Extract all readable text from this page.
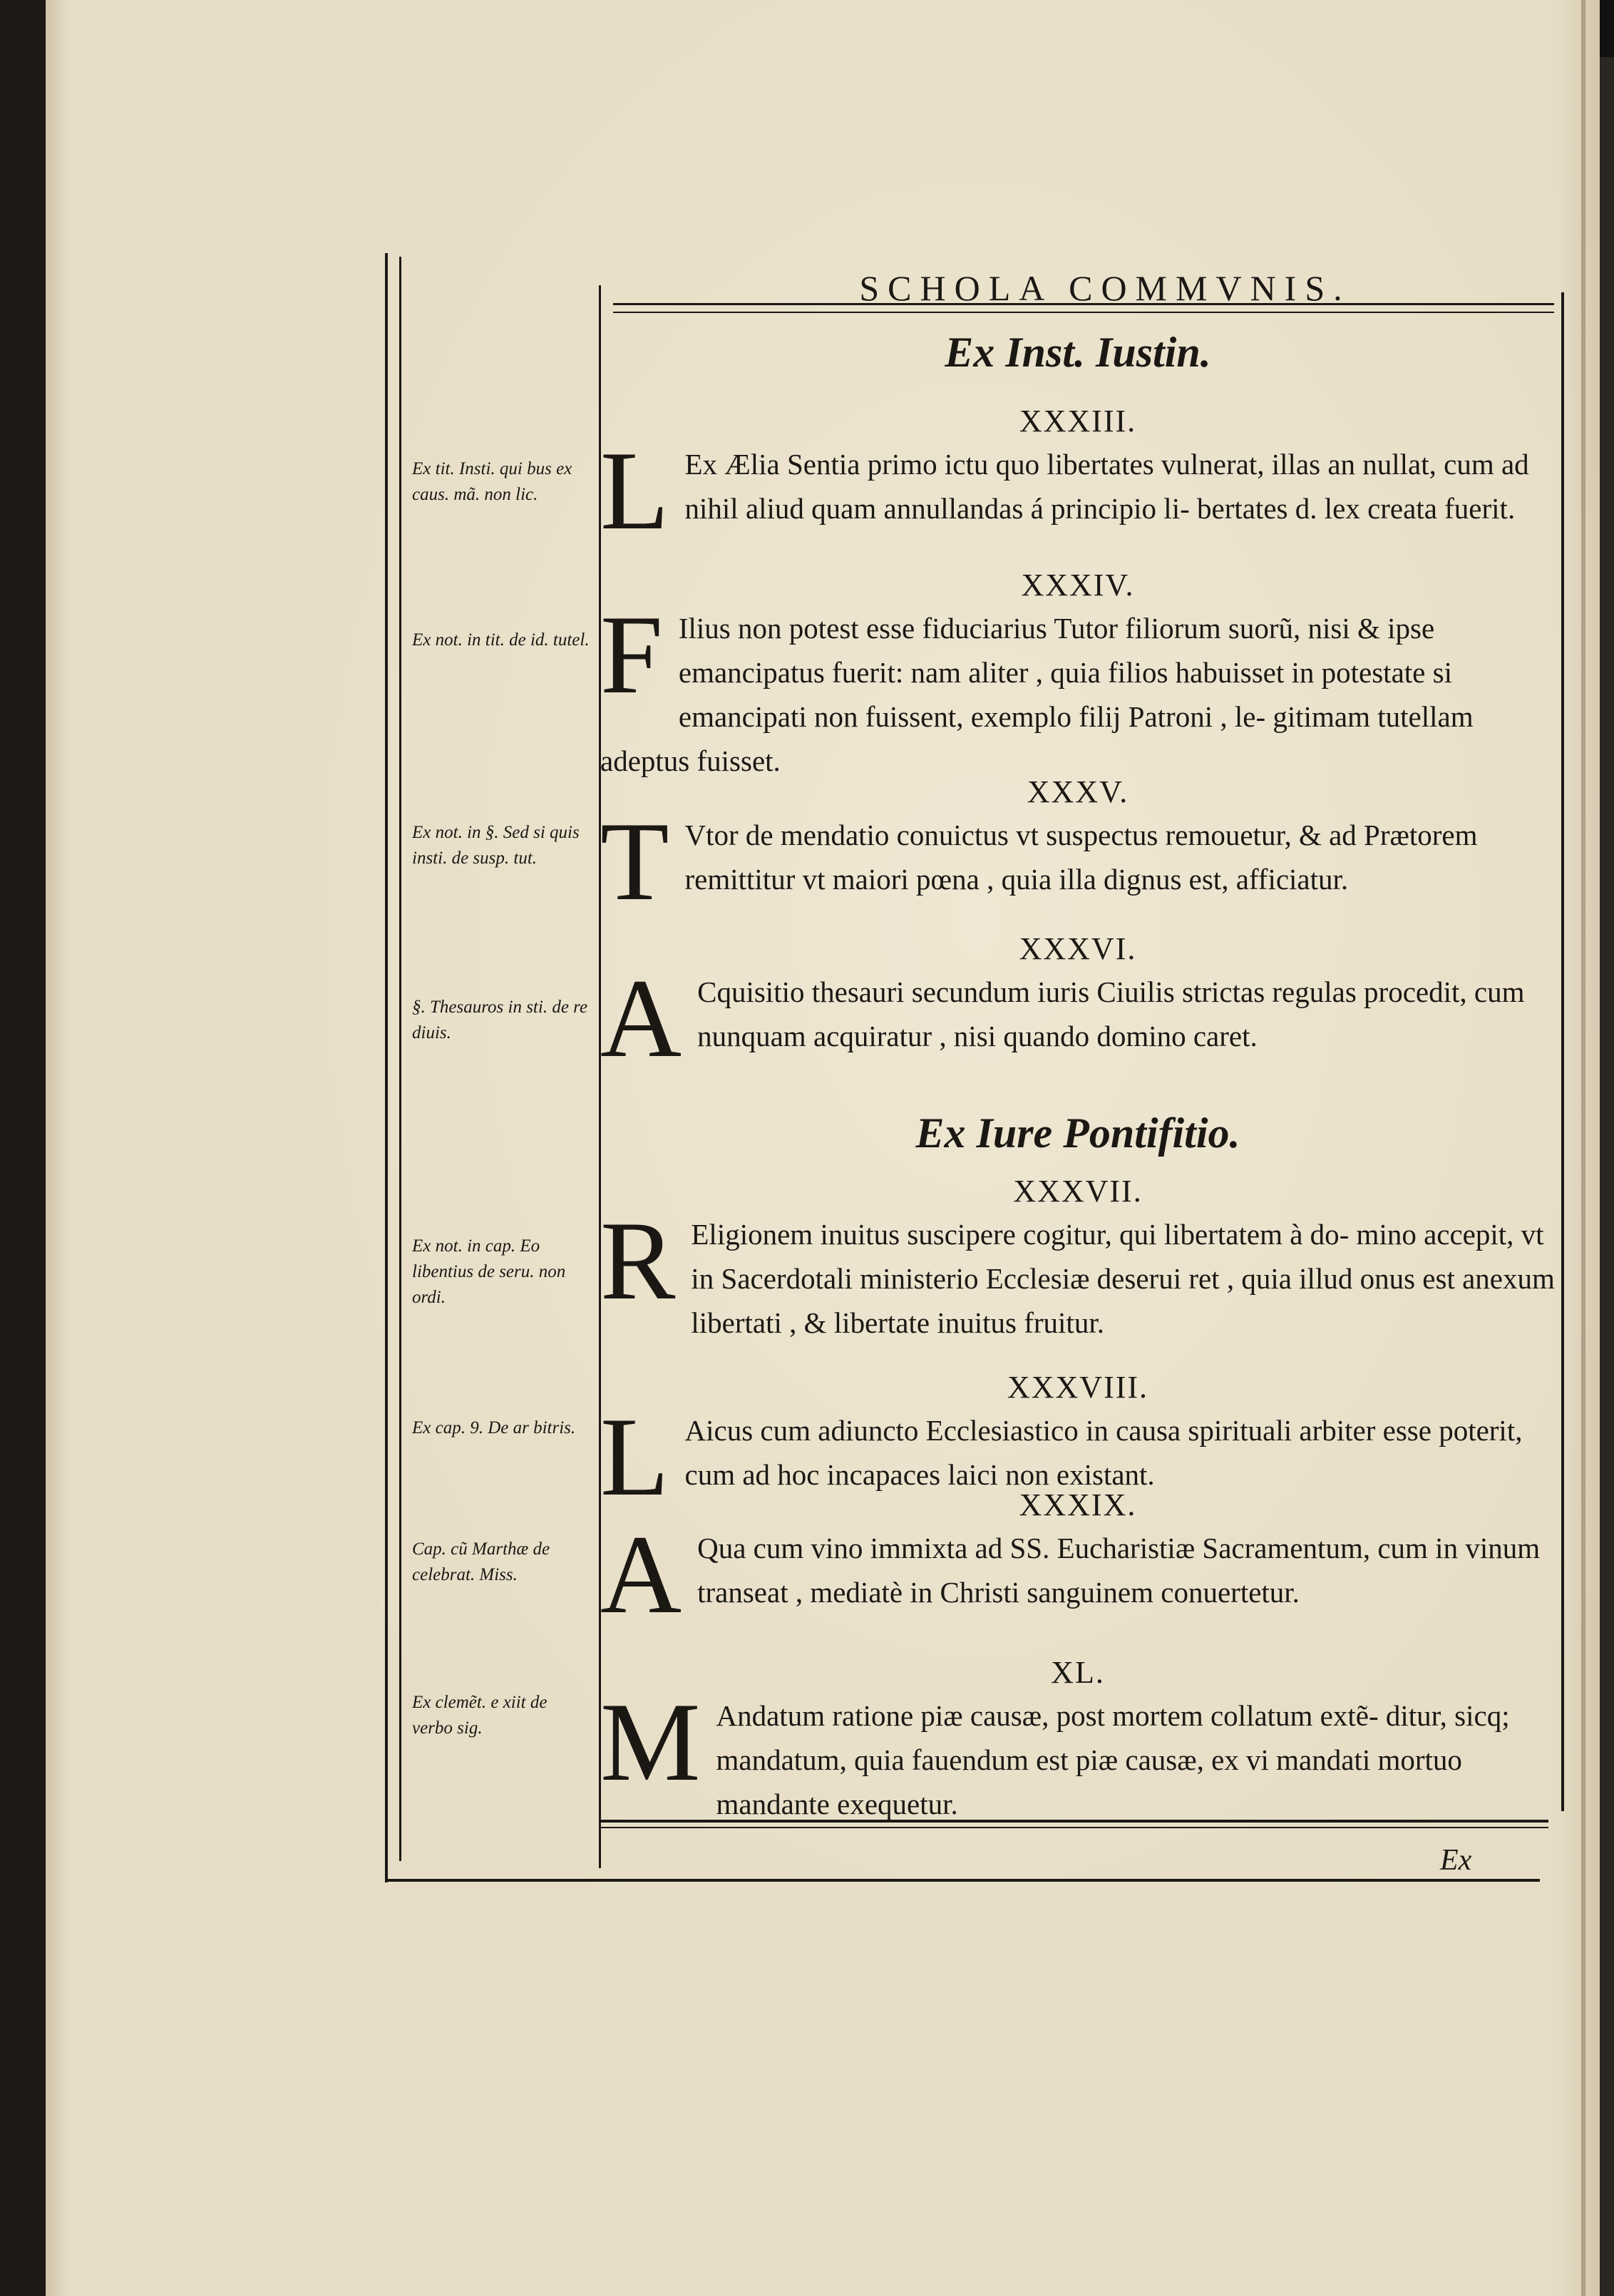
SCHOLA COMMVNIS.
Ex tit. Insti. qui bus ex caus. mã. non lic.
Ex not. in tit. de id. tutel.
Ex not. in §. Sed si quis insti. de susp. tut.
§. Thesauros in sti. de re diuis.
Ex not. in cap. Eo libentius de seru. non ordi.
Ex cap. 9. De ar bitris.
Cap. cũ Marthæ de celebrat. Miss.
Ex clemẽt. e xiit de verbo sig.
Ex Inst. Iustin.
Ex Iure Pontifitio.
XXXIII.
XXXIV.
XXXV.
XXXVI.
XXXVII.
XXXVIII.
XXXIX.
XL.
L Ex Ælia Sentia primo ictu quo libertates vulnerat, illas an nullat, cum ad nihil aliud quam annullandas á principio li- bertates d. lex creata fuerit.
F Ilius non potest esse fiduciarius Tutor filiorum suorũ, nisi & ipse emancipatus fuerit: nam aliter , quia filios habuisset in potestate si emancipati non fuissent, exemplo filij Patroni , le- gitimam tutellam adeptus fuisset.
T Vtor de mendatio conuictus vt suspectus remouetur, & ad Prætorem remittitur vt maiori pœna , quia illa dignus est, afficiatur.
A Cquisitio thesauri secundum iuris Ciuilis strictas regulas procedit, cum nunquam acquiratur , nisi quando domino caret.
R Eligionem inuitus suscipere cogitur, qui libertatem à do- mino accepit, vt in Sacerdotali ministerio Ecclesiæ deserui ret , quia illud onus est anexum libertati , & libertate inuitus fruitur.
L Aicus cum adiuncto Ecclesiastico in causa spirituali arbiter esse poterit, cum ad hoc incapaces laici non existant.
A Qua cum vino immixta ad SS. Eucharistiæ Sacramentum, cum in vinum transeat , mediatè in Christi sanguinem conuertetur.
M Andatum ratione piæ causæ, post mortem collatum extẽ- ditur, sicq; mandatum, quia fauendum est piæ causæ, ex vi mandati mortuo mandante exequetur.
Ex
